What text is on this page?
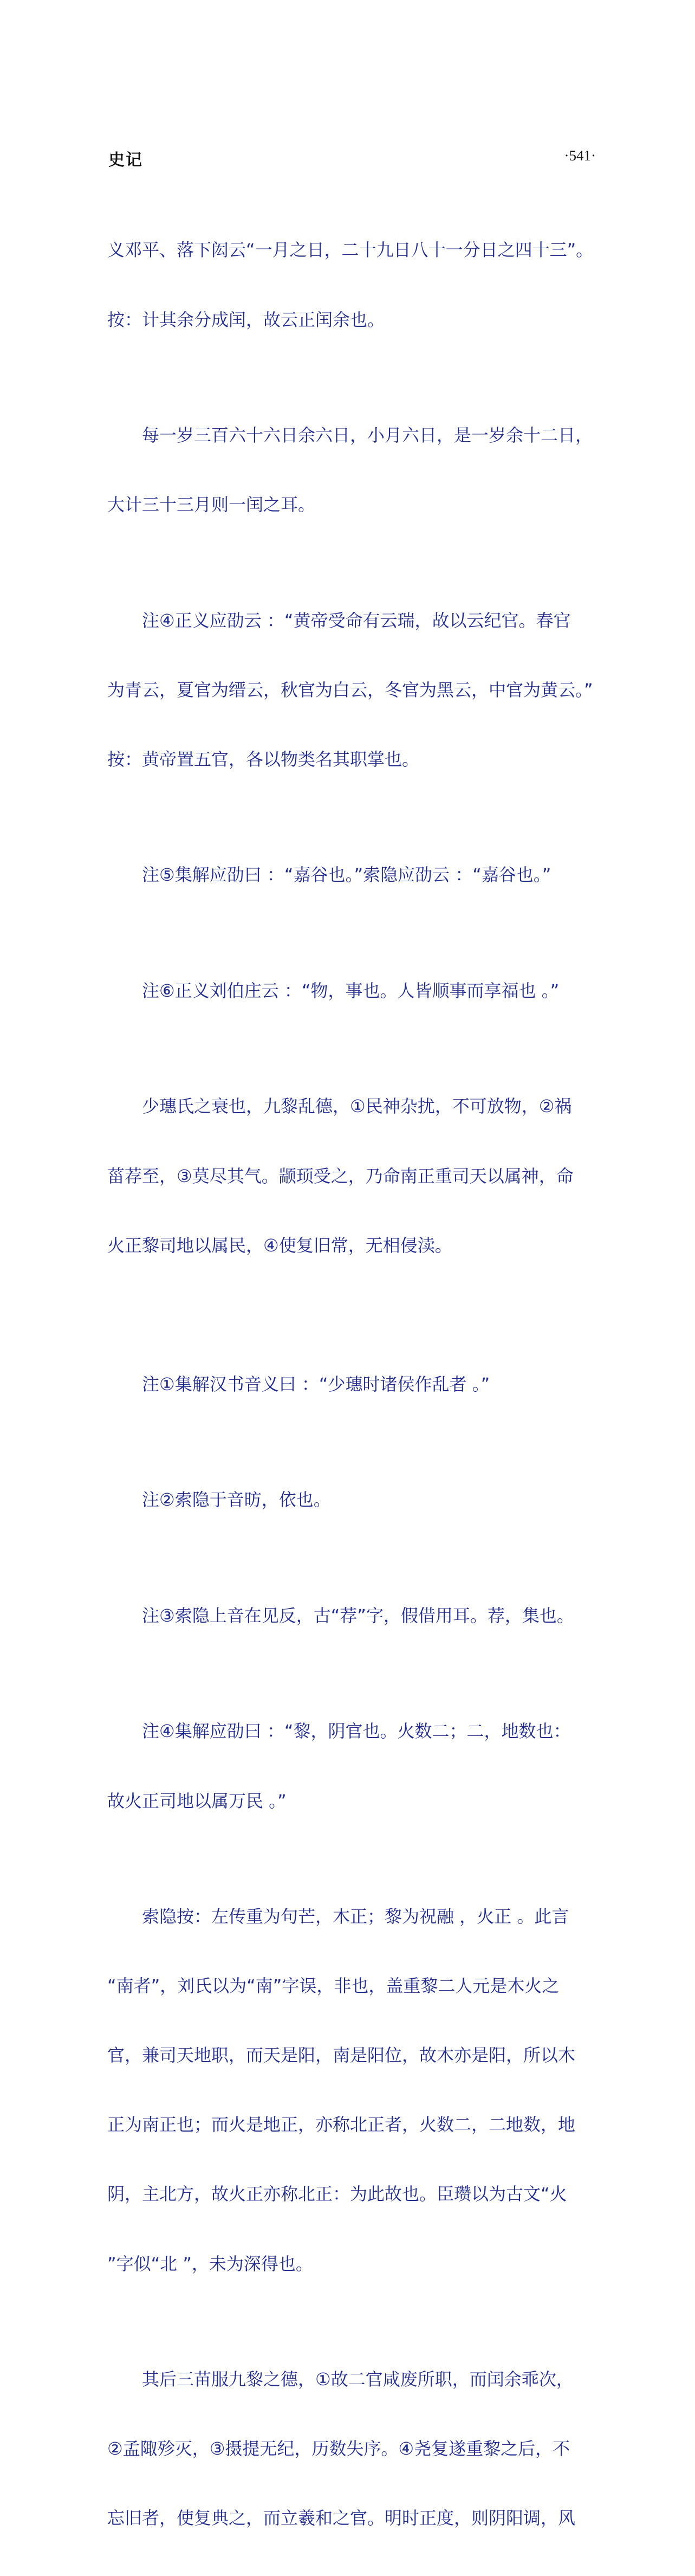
史记	·541·

义邓平、落下闳云“一月之日，二十九日八十一分日之四十三”。

按：计其余分成闰，故云正闰余也。

每一岁三百六十六日余六日，小月六日，是一岁余十二日，

大计三十三月则一闰之耳。

注④正义应劭云 ：“黄帝受命有云瑞，故以云纪官。春官

为青云，夏官为缙云，秋官为白云，冬官为黑云，中官为黄云。”

按：黄帝置五官，各以物类名其职掌也。

注⑤集解应劭曰 ：“嘉谷也。”索隐应劭云 ：“嘉谷也。”

注⑥正义刘伯庄云 ：“物，事也。人皆顺事而享福也 。”

少璤氏之衰也，九黎乱德，①民神杂扰，不可放物，②祸

菑荐至，③莫尽其气。颛顼受之，乃命南正重司天以属神，命

火正黎司地以属民，④使复旧常，无相侵渎。

注①集解汉书音义曰 ：“少璤时诸侯作乱者 。”

注②索隐于音昉，依也。

注③索隐上音在见反，古“荐”字，假借用耳。荐，集也。

注④集解应劭曰 ：“黎，阴官也。火数二；二，地数也：

故火正司地以属万民 。”

索隐按：左传重为句芒，木正；黎为祝融 ，火正 。此言

“南者”，刘氏以为“南”字误，非也，盖重黎二人元是木火之

官，兼司天地职，而天是阳，南是阳位，故木亦是阳，所以木

正为南正也；而火是地正，亦称北正者，火数二，二地数，地

阴，主北方，故火正亦称北正：为此故也。臣瓒以为古文“火

”字似“北 ”，未为深得也。

其后三苗服九黎之德，①故二官咸废所职，而闰余乖次，

②孟陬殄灭，③摄提无纪，历数失序。④尧复遂重黎之后，不

忘旧者，使复典之，而立羲和之官。明时正度，则阴阳调，风
